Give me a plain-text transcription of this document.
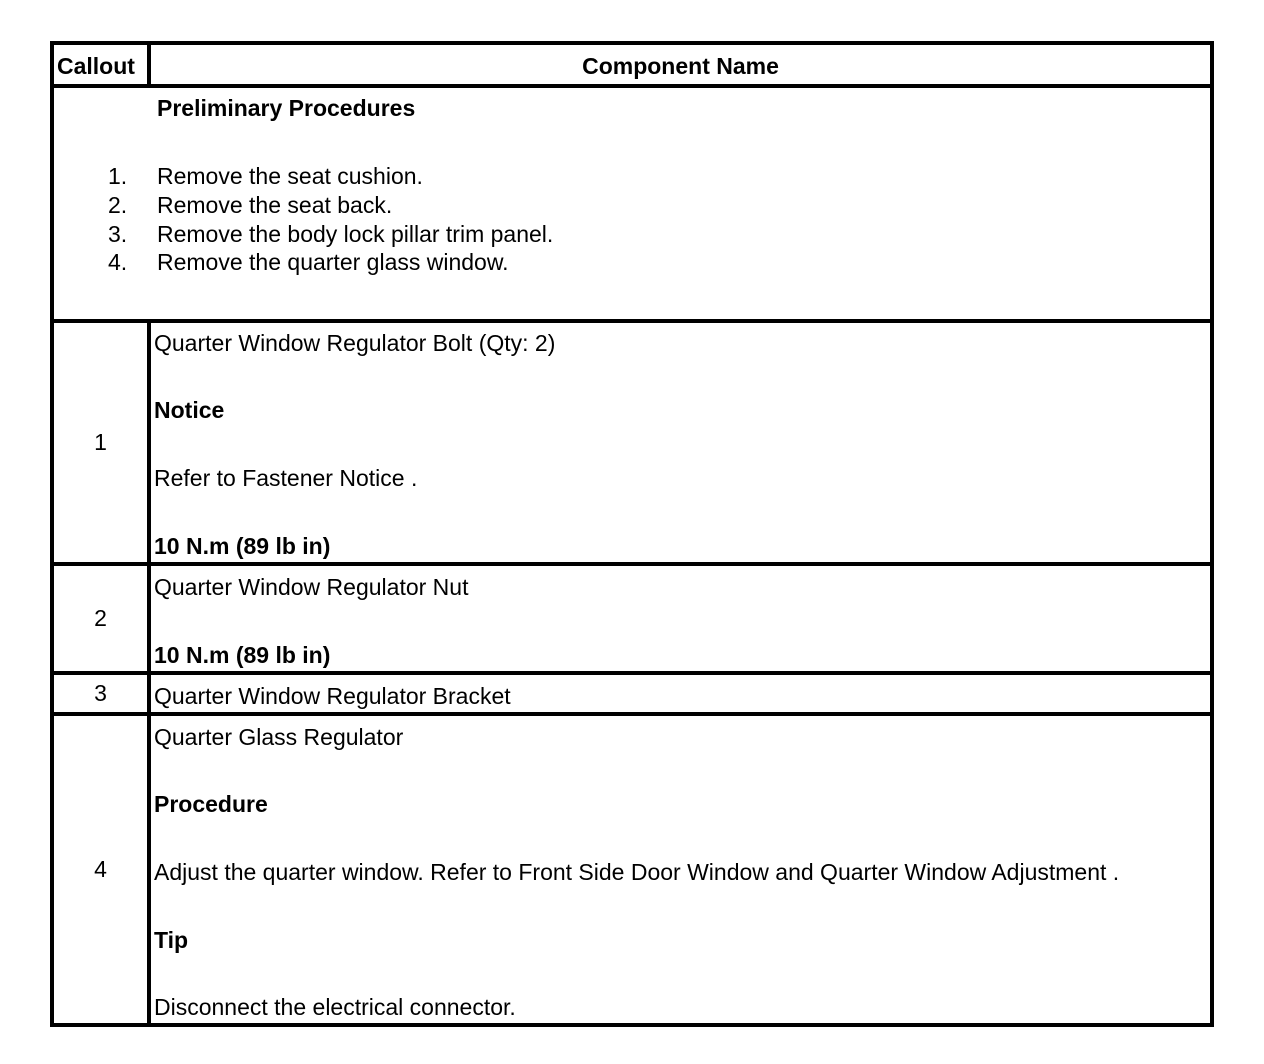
Callout	Component Name
Preliminary Procedures
1. Remove the seat cushion.
2. Remove the seat back.
3. Remove the body lock pillar trim panel.
4. Remove the quarter glass window.
1
Quarter Window Regulator Bolt (Qty: 2)
Notice
Refer to Fastener Notice .
10 N.m (89 lb in)
2
Quarter Window Regulator Nut
10 N.m (89 lb in)
3 Quarter Window Regulator Bracket
4
Quarter Glass Regulator
Procedure
Adjust the quarter window. Refer to Front Side Door Window and Quarter Window Adjustment .
Tip
Disconnect the electrical connector.
